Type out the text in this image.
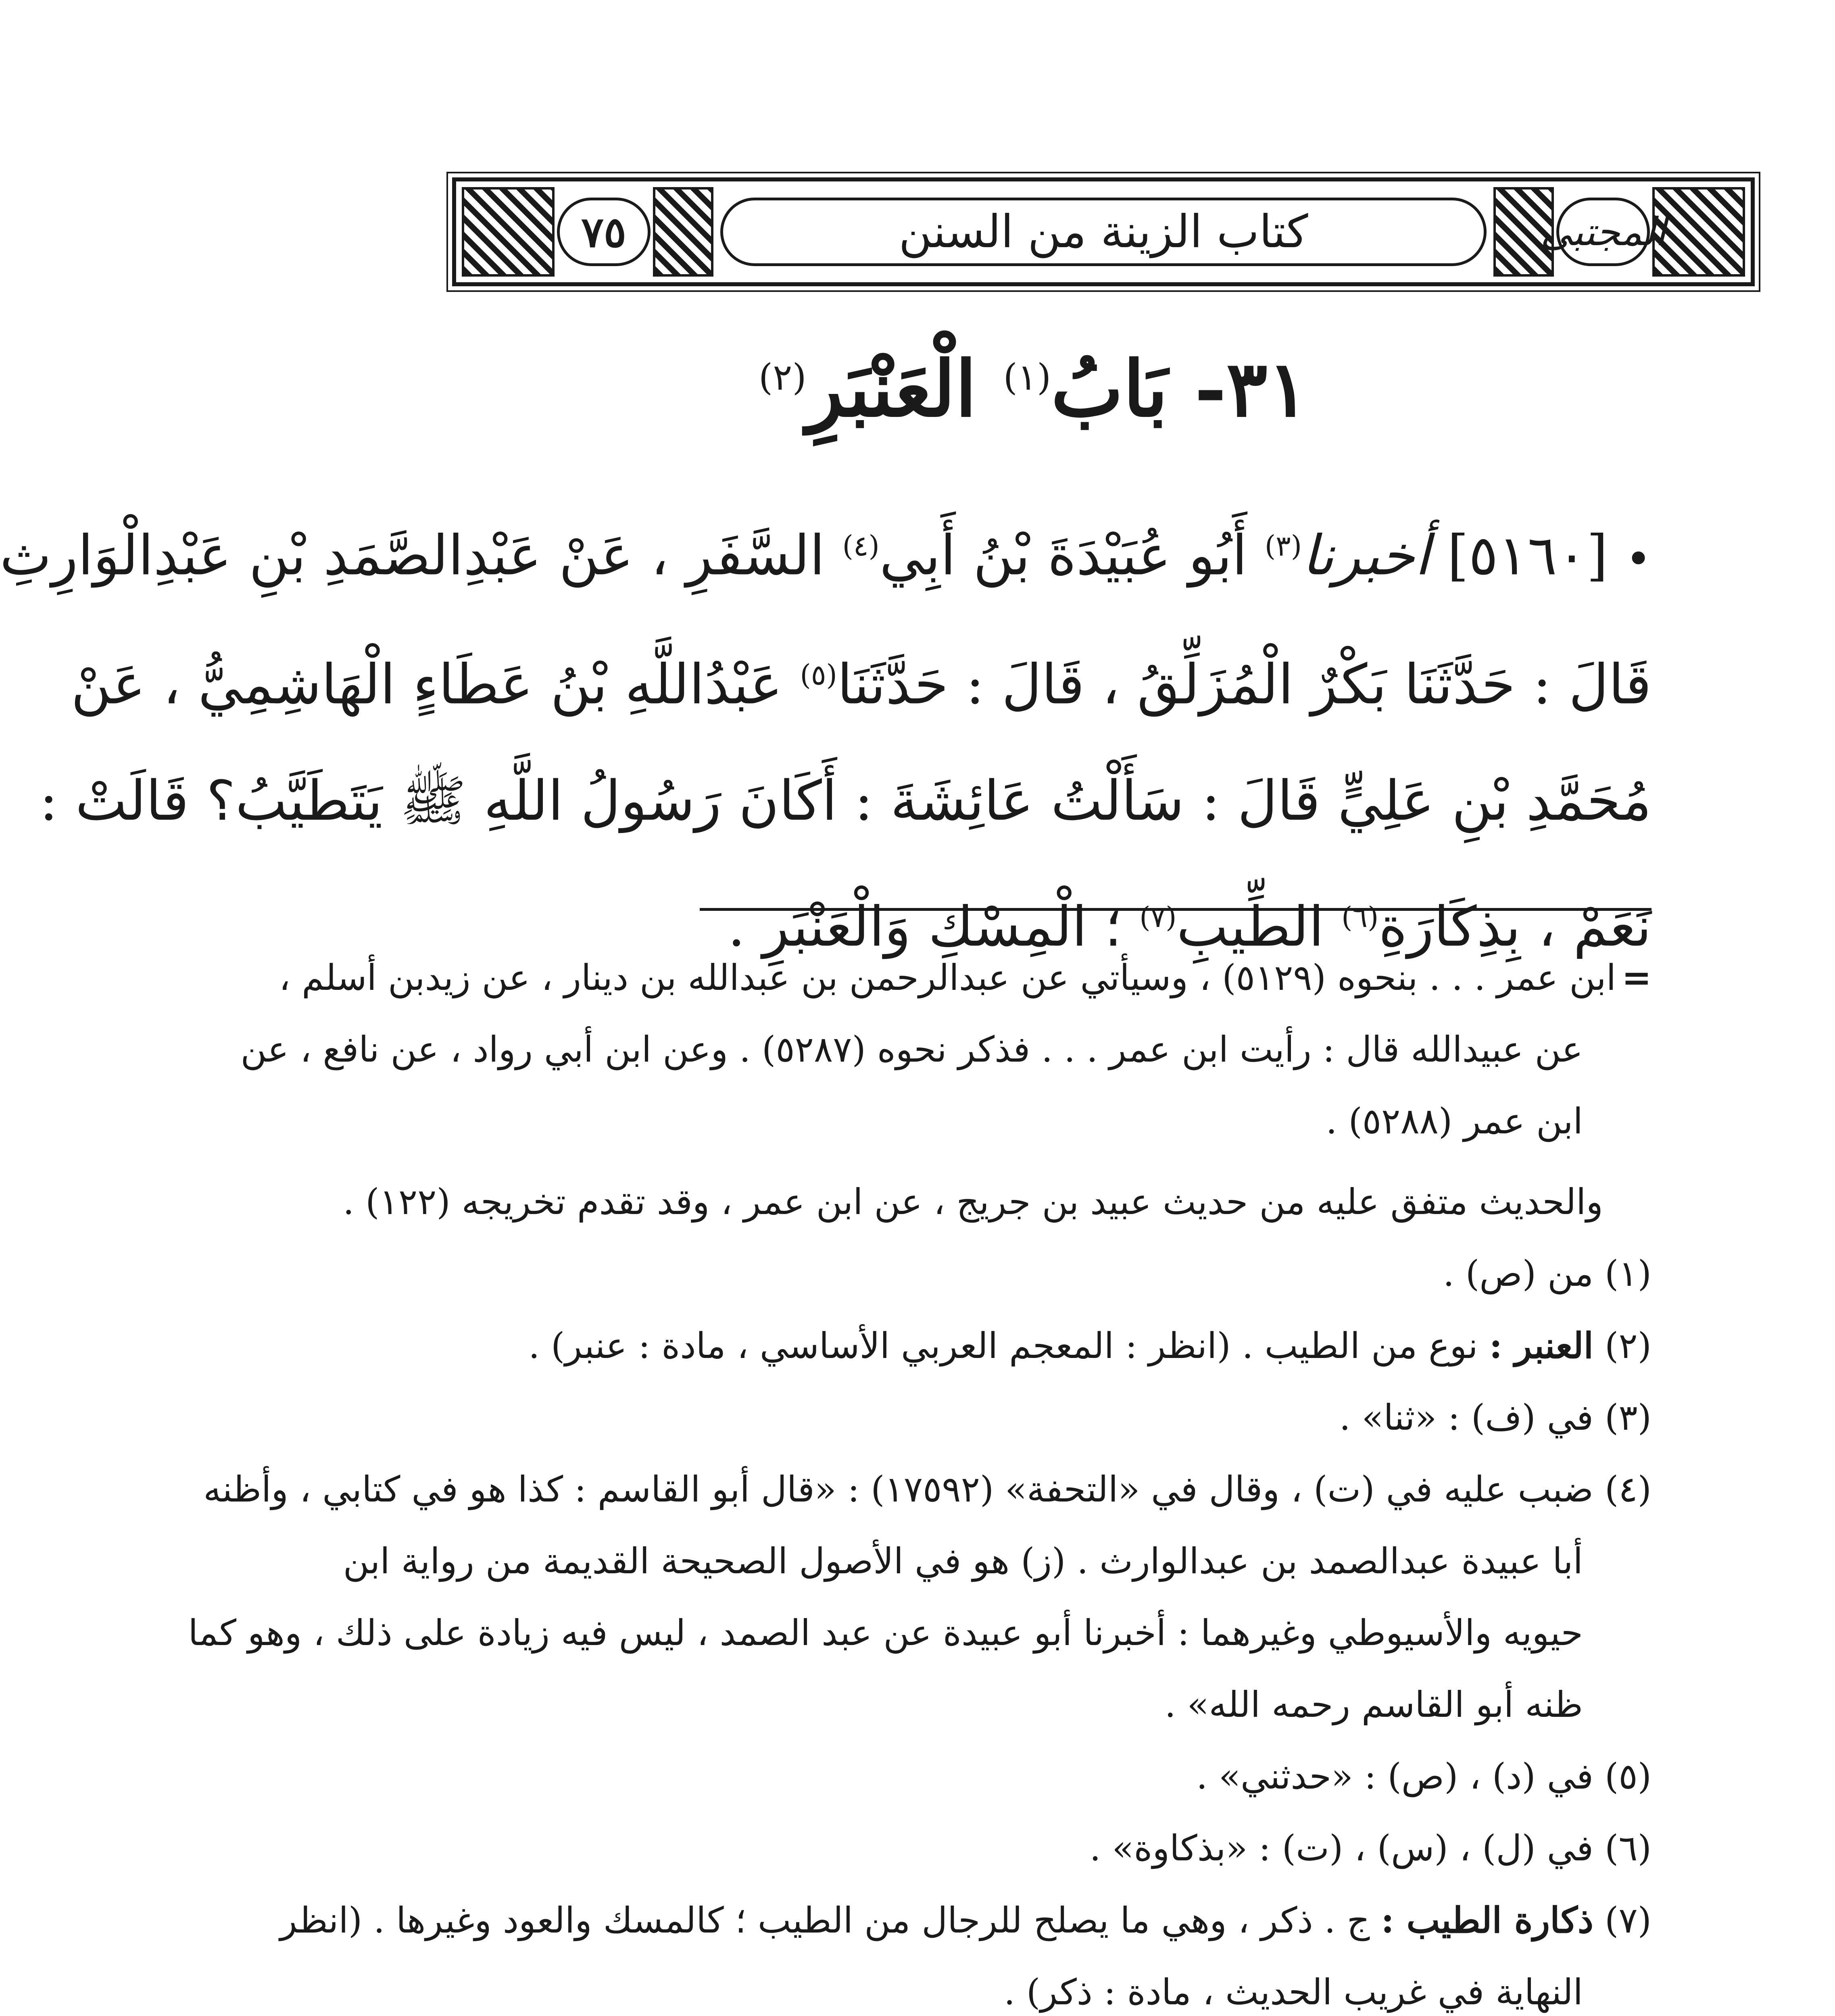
المجتبى
كتاب الزينة من السنن
٧٥
٣١- بَابُ$^{(١)}$ الْعَنْبَرِ$^{(٢)}$
• [٥١٦٠] أخبرنا$^{(٣)}$ أَبُو عُبَيْدَةَ بْنُ أَبِي$^{(٤)}$ السَّفَرِ ، عَنْ عَبْدِالصَّمَدِ بْنِ عَبْدِالْوَارِثِ
قَالَ : حَدَّثَنَا بَكْرٌ الْمُزَلِّقُ ، قَالَ : حَدَّثَنَا$^{(٥)}$ عَبْدُاللَّهِ بْنُ عَطَاءٍ الْهَاشِمِيُّ ، عَنْ
مُحَمَّدِ بْنِ عَلِيٍّ قَالَ : سَأَلْتُ عَائِشَةَ : أَكَانَ رَسُولُ اللَّهِ ﷺ يَتَطَيَّبُ؟ قَالَتْ :
نَعَمْ ، بِذِكَارَةِ$^{(٦)}$ الطِّيبِ$^{(٧)}$ ؛ الْمِسْكِ وَالْعَنْبَرِ .
= ابن عمر . . . بنحوه (٥١٢٩) ، وسيأتي عن عبدالرحمن بن عبدالله بن دينار ، عن زيدبن أسلم ،
عن عبيدالله قال : رأيت ابن عمر . . . فذكر نحوه (٥٢٨٧) . وعن ابن أبي رواد ، عن نافع ، عن
ابن عمر (٥٢٨٨) .
والحديث متفق عليه من حديث عبيد بن جريج ، عن ابن عمر ، وقد تقدم تخريجه (١٢٢) .
(١) من (ص) .
(٢) العنبر : نوع من الطيب . (انظر : المعجم العربي الأساسي ، مادة : عنبر) .
(٣) في (ف) : «ثنا» .
(٤) ضبب عليه في (ت) ، وقال في «التحفة» (١٧٥٩٢) : «قال أبو القاسم : كذا هو في كتابي ، وأظنه
أبا عبيدة عبدالصمد بن عبدالوارث . (ز) هو في الأصول الصحيحة القديمة من رواية ابن
حيويه والأسيوطي وغيرهما : أخبرنا أبو عبيدة عن عبد الصمد ، ليس فيه زيادة على ذلك ، وهو كما
ظنه أبو القاسم رحمه الله» .
(٥) في (د) ، (ص) : «حدثني» .
(٦) في (ل) ، (س) ، (ت) : «بذكاوة» .
(٧) ذكارة الطيب : ج . ذكر ، وهي ما يصلح للرجال من الطيب ؛ كالمسك والعود وغيرها . (انظر
النهاية في غريب الحديث ، مادة : ذكر) .
